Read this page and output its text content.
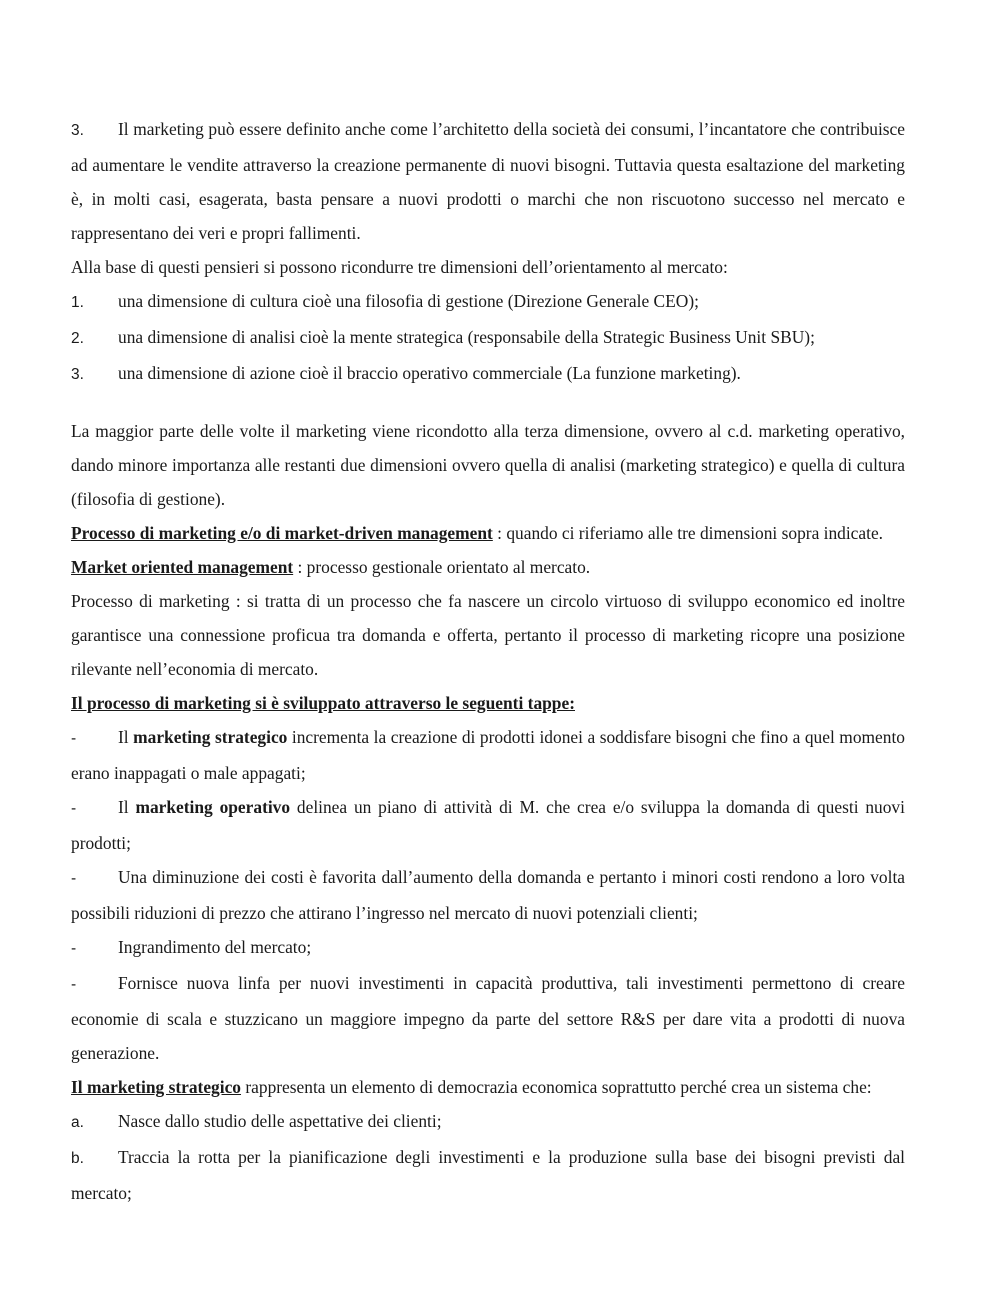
3. Il marketing può essere definito anche come l’architetto della società dei consumi, l’incantatore che contribuisce ad aumentare le vendite attraverso la creazione permanente di nuovi bisogni. Tuttavia questa esaltazione del marketing è, in molti casi, esagerata, basta pensare a nuovi prodotti o marchi che non riscuotono successo nel mercato e rappresentano dei veri e propri fallimenti.

Alla base di questi pensieri si possono ricondurre tre dimensioni dell’orientamento al mercato:

1. una dimensione di cultura cioè una filosofia di gestione (Direzione Generale CEO);

2. una dimensione di analisi cioè la mente strategica (responsabile della Strategic Business Unit SBU);

3. una dimensione di azione cioè il braccio operativo commerciale (La funzione marketing).

La maggior parte delle volte il marketing viene ricondotto alla terza dimensione, ovvero al c.d. marketing operativo, dando minore importanza alle restanti due dimensioni ovvero quella di analisi (marketing strategico) e quella di cultura (filosofia di gestione).

Processo di marketing e/o di market-driven management : quando ci riferiamo alle tre dimensioni sopra indicate.

Market oriented management : processo gestionale orientato al mercato.

Processo di marketing : si tratta di un processo che fa nascere un circolo virtuoso di sviluppo economico ed inoltre garantisce una connessione proficua tra domanda e offerta, pertanto il processo di marketing ricopre una posizione rilevante nell’economia di mercato.

Il processo di marketing si è sviluppato attraverso le seguenti tappe:

- Il marketing strategico incrementa la creazione di prodotti idonei a soddisfare bisogni che fino a quel momento erano inappagati o male appagati;

- Il marketing operativo delinea un piano di attività di M. che crea e/o sviluppa la domanda di questi nuovi prodotti;

- Una diminuzione dei costi è favorita dall’aumento della domanda e pertanto i minori costi rendono a loro volta possibili riduzioni di prezzo che attirano l’ingresso nel mercato di nuovi potenziali clienti;

- Ingrandimento del mercato;

- Fornisce nuova linfa per nuovi investimenti in capacità produttiva, tali investimenti permettono di creare economie di scala e stuzzicano un maggiore impegno da parte del settore R&S per dare vita a prodotti di nuova generazione.

Il marketing strategico rappresenta un elemento di democrazia economica soprattutto perché crea un sistema che:

a. Nasce dallo studio delle aspettative dei clienti;

b. Traccia la rotta per la pianificazione degli investimenti e la produzione sulla base dei bisogni previsti dal mercato;
